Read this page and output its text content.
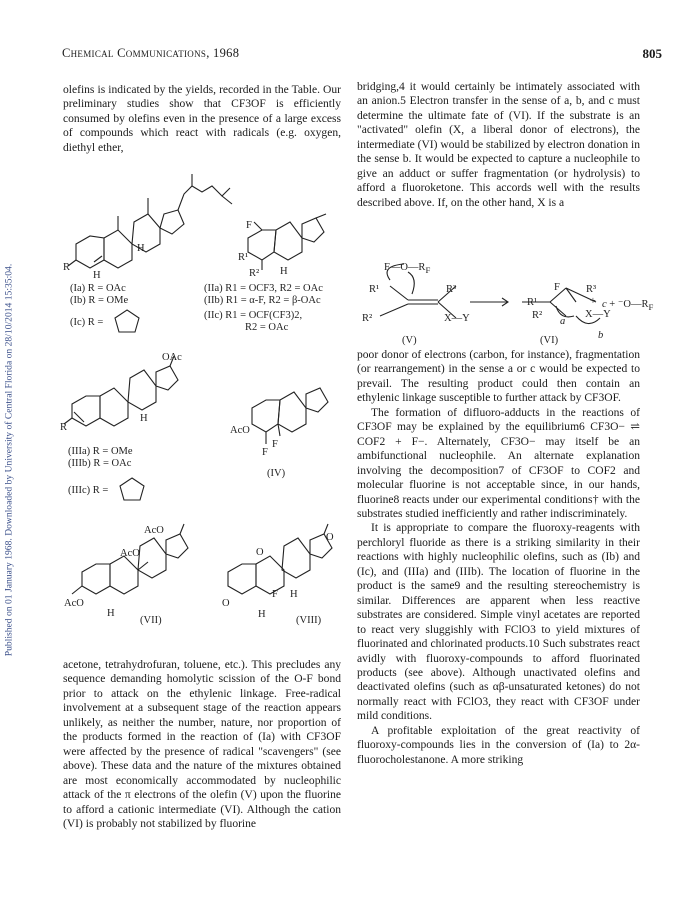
Published on 01 January 1968. Downloaded by University of Central Florida on 28/10/2014 15:35:04.
Chemical Communications, 1968	805

olefins is indicated by the yields, recorded in the Table. Our preliminary studies show that CF3OF is efficiently consumed by olefins even in the presence of a large excess of compounds which react with radicals (e.g. oxygen, diethyl ether,

R
H
H
(Ia) R = OAc
(Ib) R = OMe
(Ic) R =
F
R¹
R² H
(IIa) R1 = OCF3, R2 = OAc
(IIb) R1 = α-F, R2 = β-OAc
(IIc) R1 = OCF(CF3)2,
R2 = OAc
OAc
R
H
(IIIa) R = OMe
(IIIb) R = OAc
(IIIc) R =
F
F
AcO
(IV)
AcO
AcO
AcO
H
(VII)
O
O
F H
O
H
(VIII)

acetone, tetrahydrofuran, toluene, etc.). This precludes any sequence demanding homolytic scission of the O-F bond prior to attack on the ethylenic linkage. Free-radical involvement at a subsequent stage of the reaction appears unlikely, as neither the number, nature, nor proportion of the products formed in the reaction of (Ia) with CF3OF were affected by the presence of radical "scavengers" (see above). These data and the nature of the mixtures obtained are most economically accommodated by nucleophilic attack of the π electrons of the olefin (V) upon the fluorine to afford a cationic intermediate (VI). Although the cation (VI) is probably not stabilized by fluorine

bridging,4 it would certainly be intimately associated with an anion.5 Electron transfer in the sense of a, b, and c must determine the ultimate fate of (VI). If the substrate is an "activated" olefin (X, a liberal donor of electrons), the intermediate (VI) would be stabilized by electron donation in the sense b. It would be expected to capture a nucleophile to give an adduct or suffer fragmentation (or hydrolysis) to afford a fluoroketone. This accords well with the results described above. If, on the other hand, X is a

$F—O—R_F$
R¹
R²
R³
X—Y
F
R¹
R²
R³
+ $c + ^-O—R_F$
X—Y
a
b
(V)	(VI)

poor donor of electrons (carbon, for instance), fragmentation (or rearrangement) in the sense a or c would be expected to prevail. The resulting product could then contain an ethylenic linkage susceptible to further attack by CF3OF.

The formation of difluoro-adducts in the reactions of CF3OF may be explained by the equilibrium6 CF3O− ⇌ COF2 + F−. Alternately, CF3O− may itself be an ambifunctional nucleophile. An alternate explanation involving the decomposition7 of CF3OF to COF2 and molecular fluorine is not acceptable since, in our hands, fluorine8 reacts under our experimental conditions† with the substrates studied inefficiently and rather indiscriminately.

It is appropriate to compare the fluoroxy-reagents with perchloryl fluoride as there is a striking similarity in their reactions with highly nucleophilic olefins, such as (Ib) and (Ic), and (IIIa) and (IIIb). The location of fluorine in the product is the same9 and the resulting stereochemistry is similar. Differences are apparent when less reactive substrates are considered. Simple vinyl acetates are reported to react very sluggishly with FClO3 to yield mixtures of fluorinated and chlorinated products.10 Such substrates react avidly with fluoroxy-compounds to afford fluorinated products (see above). Although unactivated olefins and deactivated olefins (such as αβ-unsaturated ketones) do not normally react with FClO3, they react with CF3OF under mild conditions.

A profitable exploitation of the great reactivity of fluoroxy-compounds lies in the conversion of (Ia) to 2α-fluorocholestanone. A more striking
